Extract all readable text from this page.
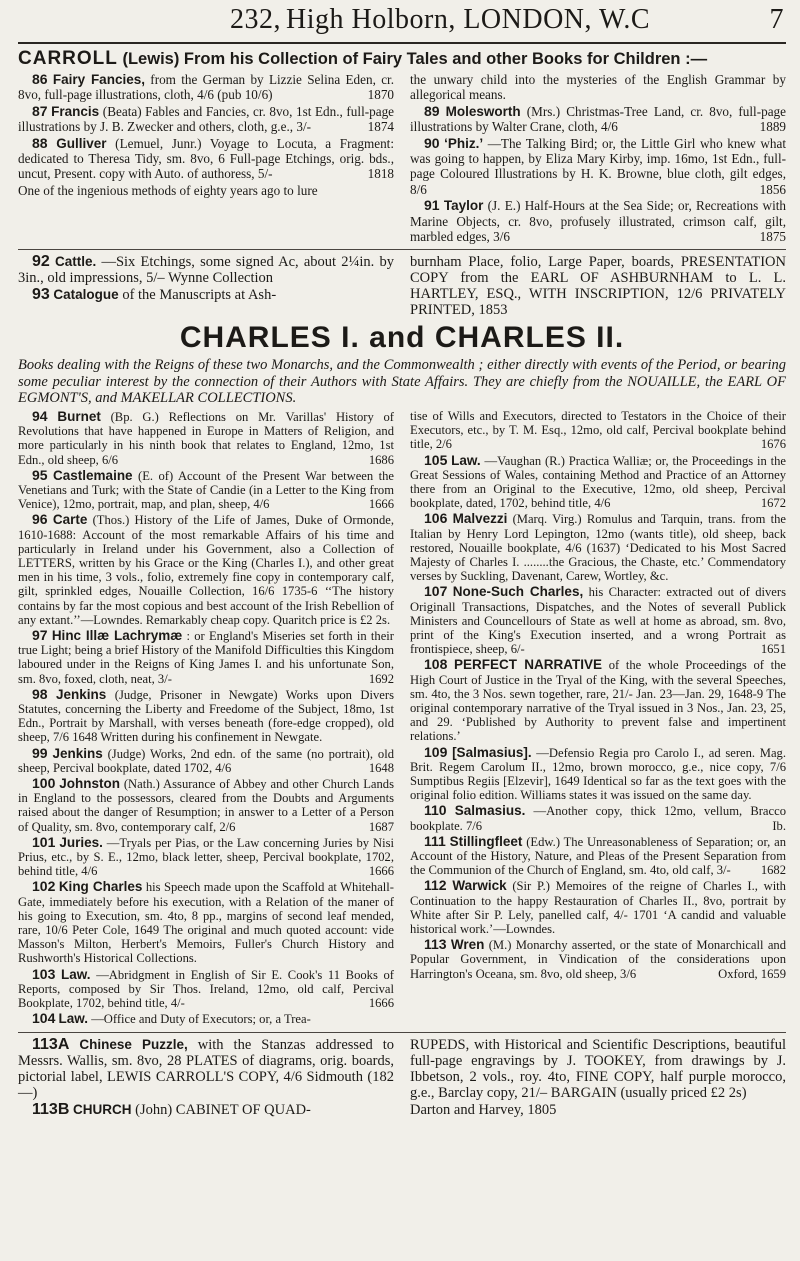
232, High Holborn, LONDON, W.C	7
CARROLL (Lewis) From his Collection of Fairy Tales and other Books for Children :—

86 Fairy Fancies, from the German by Lizzie Selina Eden, cr. 8vo, full-page illustrations, cloth, 4/6 (pub 10/6)	1870

87 Francis (Beata) Fables and Fancies, cr. 8vo, 1st Edn., full-page illustrations by J. B. Zwecker and others, cloth, g.e., 3/-	1874

88 Gulliver (Lemuel, Junr.) Voyage to Locuta, a Fragment: dedicated to Theresa Tidy, sm. 8vo, 6 Full-page Etchings, orig. bds., uncut, Present. copy with Auto. of authoress, 5/-	1818

One of the ingenious methods of eighty years ago to lure

the unwary child into the mysteries of the English Grammar by allegorical means.

89 Molesworth (Mrs.) Christmas-Tree Land, cr. 8vo, full-page illustrations by Walter Crane, cloth, 4/6	1889

90 ‘Phiz.’ —The Talking Bird; or, the Little Girl who knew what was going to happen, by Eliza Mary Kirby, imp. 16mo, 1st Edn., full-page Coloured Illustrations by H. K. Browne, blue cloth, gilt edges, 8/6	1856

91 Taylor (J. E.) Half-Hours at the Sea Side; or, Recreations with Marine Objects, cr. 8vo, profusely illustrated, crimson calf, gilt, marbled edges, 3/6	1875

92 Cattle. —Six Etchings, some signed Ac, about 2¼in. by 3in., old impressions, 5/– Wynne Collection

93 Catalogue of the Manuscripts at Ash-

burnham Place, folio, Large Paper, boards, PRESENTATION COPY from the EARL OF ASHBURNHAM to L. L. HARTLEY, ESQ., WITH INSCRIPTION, 12/6 PRIVATELY PRINTED, 1853

CHARLES I. and CHARLES II.
Books dealing with the Reigns of these two Monarchs, and the Commonwealth ; either directly with events of the Period, or bearing some peculiar interest by the connection of their Authors with State Affairs. They are chiefly from the NOUAILLE, the EARL OF EGMONT'S, and MAKELLAR COLLECTIONS.

94 Burnet (Bp. G.) Reflections on Mr. Varillas' History of Revolutions that have happened in Europe in Matters of Religion, and more particularly in his ninth book that relates to England, 12mo, 1st Edn., old sheep, 6/6	1686

95 Castlemaine (E. of) Account of the Present War between the Venetians and Turk; with the State of Candie (in a Letter to the King from Venice), 12mo, portrait, map, and plan, sheep, 4/6	1666

96 Carte (Thos.) History of the Life of James, Duke of Ormonde, 1610-1688: Account of the most remarkable Affairs of his time and particularly in Ireland under his Government, also a Collection of LETTERS, written by his Grace or the King (Charles I.), and other great men in his time, 3 vols., folio, extremely fine copy in contemporary calf, gilt, sprinkled edges, Nouaille Collection, 16/6 1735-6 ‘‘The history contains by far the most copious and best account of the Irish Rebellion of any extant.’’—Lowndes. Remarkably cheap copy. Quaritch price is £2 2s.

97 Hinc Illæ Lachrymæ : or England's Miseries set forth in their true Light; being a brief History of the Manifold Difficulties this Kingdom laboured under in the Reigns of King James I. and his unfortunate Son, sm. 8vo, foxed, cloth, neat, 3/-	1692

98 Jenkins (Judge, Prisoner in Newgate) Works upon Divers Statutes, concerning the Liberty and Freedome of the Subject, 18mo, 1st Edn., Portrait by Marshall, with verses beneath (fore-edge cropped), old sheep, 7/6 1648 Written during his confinement in Newgate.

99 Jenkins (Judge) Works, 2nd edn. of the same (no portrait), old sheep, Percival bookplate, dated 1702, 4/6	1648

100 Johnston (Nath.) Assurance of Abbey and other Church Lands in England to the possessors, cleared from the Doubts and Arguments raised about the danger of Resumption; in answer to a Letter of a Person of Quality, sm. 8vo, contemporary calf, 2/6	1687

101 Juries. —Tryals per Pias, or the Law concerning Juries by Nisi Prius, etc., by S. E., 12mo, black letter, sheep, Percival bookplate, 1702, behind title, 4/6	1666

102 King Charles his Speech made upon the Scaffold at Whitehall-Gate, immediately before his execution, with a Relation of the maner of his going to Execution, sm. 4to, 8 pp., margins of second leaf mended, rare, 10/6 Peter Cole, 1649 The original and much quoted account: vide Masson's Milton, Herbert's Memoirs, Fuller's Church History and Rushworth's Historical Collections.

103 Law. —Abridgment in English of Sir E. Cook's 11 Books of Reports, composed by Sir Thos. Ireland, 12mo, old calf, Percival Bookplate, 1702, behind title, 4/-	1666

104 Law. —Office and Duty of Executors; or, a Trea-

tise of Wills and Executors, directed to Testators in the Choice of their Executors, etc., by T. M. Esq., 12mo, old calf, Percival bookplate behind title, 2/6	1676

105 Law. —Vaughan (R.) Practica Walliæ; or, the Proceedings in the Great Sessions of Wales, containing Method and Practice of an Attorney there from an Original to the Executive, 12mo, old sheep, Percival bookplate, dated, 1702, behind title, 4/6	1672

106 Malvezzi (Marq. Virg.) Romulus and Tarquin, trans. from the Italian by Henry Lord Lepington, 12mo (wants title), old sheep, back restored, Nouaille bookplate, 4/6 (1637) ‘Dedicated to his Most Sacred Majesty of Charles I. ........the Gracious, the Chaste, etc.’ Commendatory verses by Suckling, Davenant, Carew, Wortley, &c.

107 None-Such Charles, his Character: extracted out of divers Originall Transactions, Dispatches, and the Notes of severall Publick Ministers and Councellours of State as well at home as abroad, sm. 8vo, print of the King's Execution inserted, and a wrong Portrait as frontispiece, sheep, 6/-	1651

108 PERFECT NARRATIVE of the whole Proceedings of the High Court of Justice in the Tryal of the King, with the several Speeches, sm. 4to, the 3 Nos. sewn together, rare, 21/- Jan. 23—Jan. 29, 1648-9 The original contemporary narrative of the Tryal issued in 3 Nos., Jan. 23, 25, and 29. ‘Published by Authority to prevent false and impertinent relations.’

109 [Salmasius]. —Defensio Regia pro Carolo I., ad seren. Mag. Brit. Regem Carolum II., 12mo, brown morocco, g.e., nice copy, 7/6 Sumptibus Regiis [Elzevir], 1649 Identical so far as the text goes with the original folio edition. Williams states it was issued on the same day.

110 Salmasius. —Another copy, thick 12mo, vellum, Bracco bookplate. 7/6	Ib.

111 Stillingfleet (Edw.) The Unreasonableness of Separation; or, an Account of the History, Nature, and Pleas of the Present Separation from the Communion of the Church of England, sm. 4to, old calf, 3/-	1682

112 Warwick (Sir P.) Memoires of the reigne of Charles I., with Continuation to the happy Restauration of Charles II., 8vo, portrait by White after Sir P. Lely, panelled calf, 4/- 1701 ‘A candid and valuable historical work.’—Lowndes.

113 Wren (M.) Monarchy asserted, or the state of Monarchicall and Popular Government, in Vindication of the considerations upon Harrington's Oceana, sm. 8vo, old sheep, 3/6	Oxford, 1659

113A Chinese Puzzle, with the Stanzas addressed to Messrs. Wallis, sm. 8vo, 28 PLATES of diagrams, orig. boards, pictorial label, LEWIS CARROLL'S COPY, 4/6 Sidmouth (182—)

113B CHURCH (John) CABINET OF QUAD-

RUPEDS, with Historical and Scientific Descriptions, beautiful full-page engravings by J. TOOKEY, from drawings by J. Ibbetson, 2 vols., roy. 4to, FINE COPY, half purple morocco, g.e., Barclay copy, 21/– BARGAIN (usually priced £2 2s)

Darton and Harvey, 1805
